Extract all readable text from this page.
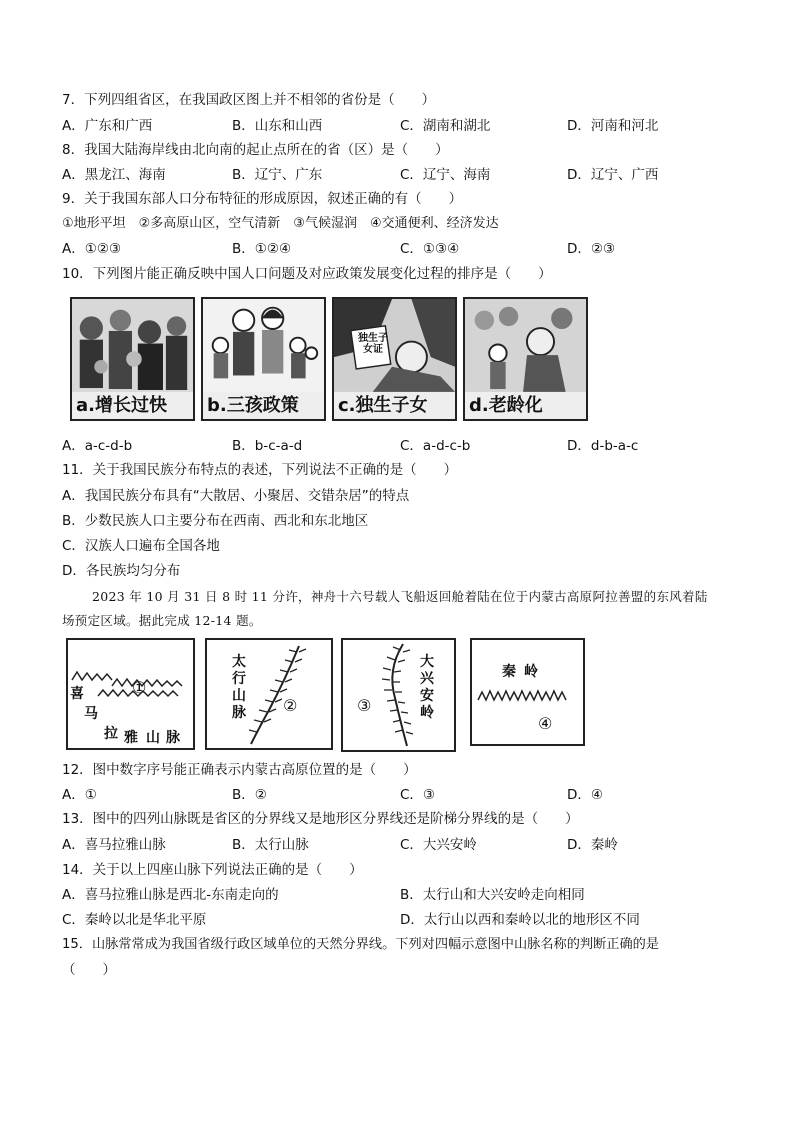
7．下列四组省区，在我国政区图上并不相邻的省份是（　　）
A．广东和广西	B．山东和山西	C．湖南和湖北	D．河南和河北
8．我国大陆海岸线由北向南的起止点所在的省（区）是（　　）
A．黑龙江、海南	B．辽宁、广东	C．辽宁、海南	D．辽宁、广西
9．关于我国东部人口分布特征的形成原因，叙述正确的有（　　）
①地形平坦　②多高原山区，空气清新　③气候湿润　④交通便利、经济发达
A．①②③	B．①②④	C．①③④	D．②③
10．下列图片能正确反映中国人口问题及对应政策发展变化过程的排序是（　　）
a.增长过快	b.三孩政策
独生子女证
c.独生子女	d.老龄化
A．a-c-d-b	B．b-c-a-d	C．a-d-c-b	D．d-b-a-c
11．关于我国民族分布特点的表述，下列说法不正确的是（　　）
A．我国民族分布具有“大散居、小聚居、交错杂居”的特点
B．少数民族人口主要分布在西南、西北和东北地区
C．汉族人口遍布全国各地
D．各民族均匀分布
2023 年 10 月 31 日 8 时 11 分许，神舟十六号载人飞船返回舱着陆在位于内蒙古高原阿拉善盟的东风着陆
场预定区域。据此完成 12-14 题。
①
喜
马
拉 雅 山 脉
太
行
山
脉 ②	③
大
兴
安
岭
秦 岭
④
12．图中数字序号能正确表示内蒙古高原位置的是（　　）
A．①	B．②	C．③	D．④
13．图中的四列山脉既是省区的分界线又是地形区分界线还是阶梯分界线的是（　　）
A．喜马拉雅山脉	B．太行山脉	C．大兴安岭	D．秦岭
14．关于以上四座山脉下列说法正确的是（　　）
A．喜马拉雅山脉是西北-东南走向的	B．太行山和大兴安岭走向相同
C．秦岭以北是华北平原	D．太行山以西和秦岭以北的地形区不同
15．山脉常常成为我国省级行政区域单位的天然分界线。下列对四幅示意图中山脉名称的判断正确的是
（　　）
